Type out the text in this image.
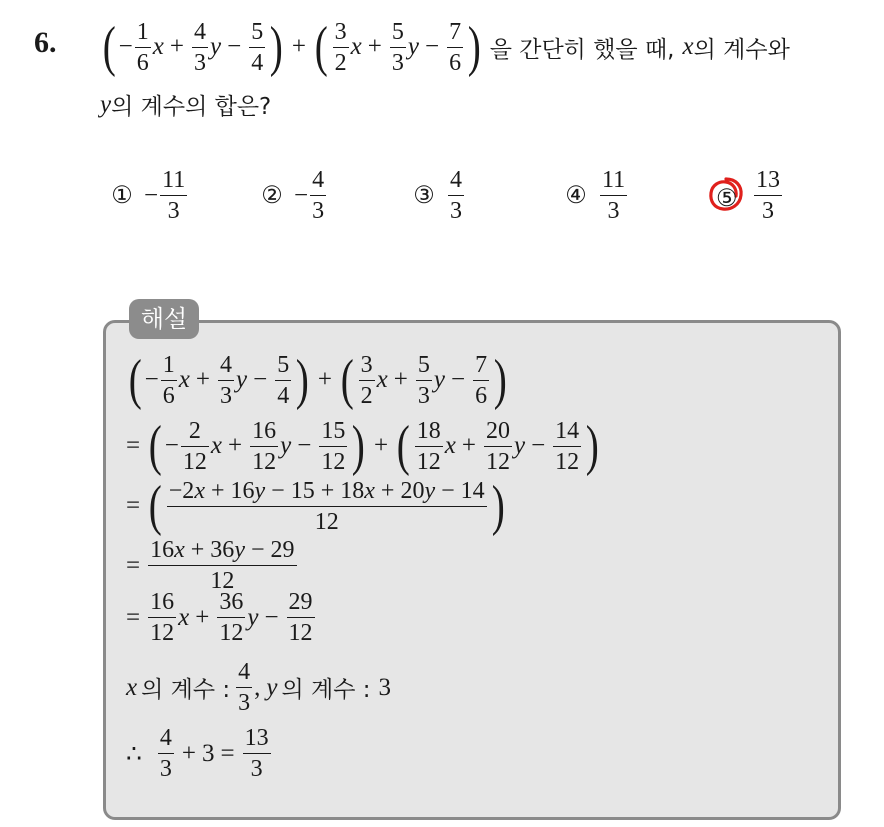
6. ( − $\frac{1}{6}$ $x + \frac{4}{3}$ $y - \frac{5}{4}$ ) + ( $\frac{3}{2}$ $x + \frac{5}{3}$ $y - \frac{7}{6}$ ) 을 간단히 했을 때, x 의 계수와
y 의 계수의 합은?
① − $\frac{11}{3}$	② − $\frac{4}{3}$	③ $\frac{4}{3}$	④ $\frac{11}{3}$	⑤ $\frac{13}{3}$
해설
( − $\frac{1}{6}$ $x + \frac{4}{3}$ $y - \frac{5}{4}$ ) + ( $\frac{3}{2}$ $x + \frac{5}{3}$ $y - \frac{7}{6}$ )
= ( − $\frac{2}{12}$ $x + \frac{16}{12}$ $y - \frac{15}{12}$ ) + ( $\frac{18}{12}$ $x + \frac{20}{12}$ $y - \frac{14}{12}$ )
= ( $\frac{-2x + 16y - 15 + 18x + 20y - 14}{12}$ )
= $\frac{16x + 36y - 29}{12}$
= $\frac{16}{12}$ $x + \frac{36}{12}$ $y - \frac{29}{12}$
x 의 계수 : $\frac{4}{3}$ , y 의 계수 : 3
∴ $\frac{4}{3} + 3 = \frac{13}{3}$
